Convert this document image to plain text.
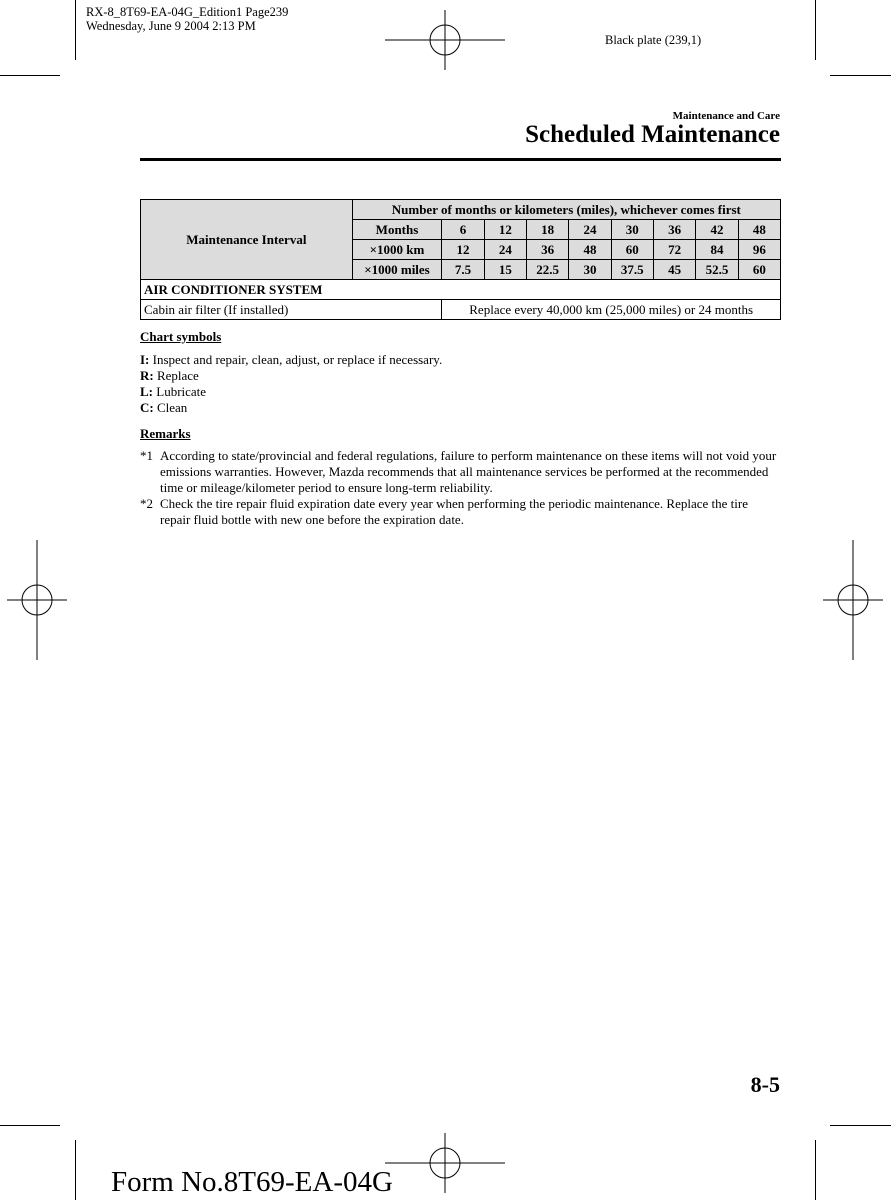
RX-8_8T69-EA-04G_Edition1 Page239
Wednesday, June 9 2004 2:13 PM
Black plate (239,1)
Maintenance and Care
Scheduled Maintenance
Maintenance Interval	Number of months or kilometers (miles), whichever comes first								
	Months	6	12	18	24	30	36	42	48
	×1000 km	12	24	36	48	60	72	84	96
	×1000 miles	7.5	15	22.5	30	37.5	45	52.5	60
AIR CONDITIONER SYSTEM									
Cabin air filter (If installed)		Replace every 40,000 km (25,000 miles) or 24 months							
Chart symbols
I: Inspect and repair, clean, adjust, or replace if necessary.
R: Replace
L: Lubricate
C: Clean
Remarks
*1 According to state/provincial and federal regulations, failure to perform maintenance on these items will not void your emissions warranties. However, Mazda recommends that all maintenance services be performed at the recommended time or mileage/kilometer period to ensure long-term reliability.
*2 Check the tire repair fluid expiration date every year when performing the periodic maintenance. Replace the tire repair fluid bottle with new one before the expiration date.
8-5
Form No.8T69-EA-04G
